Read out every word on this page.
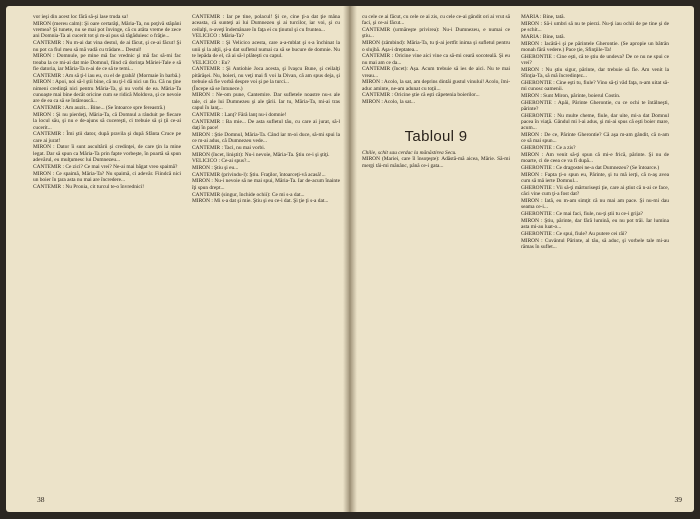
vor ieşi din acest loc fără să-şi lase truda sa!

MIRON (mereu calm): Şi oare certarăţi, Măria-Ta, nu poţivă stăpâni vremea? Şi tunete, nu se mai pot învinge, că cu atâta vreme de zece ani Domnia-Ta ai cucerit tot şi m-ai pus să tăgăduiesc o frăţie...

CANTEMIR : Nu m-ai dat vina destul, de ai făcut, şi ce-ai făcut! Şi nu pot ca fiul meu să mă vadă cu trădare... Destul!

MIRON : Domnule, pe mine mă fac vrednic şi mă fac să-mi fac treaba la ce mi-ai dat mie Domnul, fiind că dorinţa Măriei-Tale e să fie datoria, iar Măria-Ta n-ai de ce să te temi...

CANTEMIR : Am să ţi-l iau eu, cu el de grabă! (Mormaie în barbă.)

MIRON : Apoi, noi să-l ştii bine, că nu ţi-l dă nici un fiu. Că nu ţine nimeni credinţă nici pentru Măria-Ta, şi nu vorbi de ea. Măria-Ta cunoaşte mai bine decât oricine cum se ridică Moldova, şi ce nevoie are de ea ca să se întărească...

CANTEMIR : Am auzit... Bine... (Se întoarce spre fereastră.)

MIRON : Şi nu pierdeţi, Măria-Ta, că Domnul a rânduit pe fiecare la locul său, şi nu e de-ajuns să cucereşti, ci trebuie să şi ţii ce-ai cucerit...

CANTEMIR : Îmi ştii dator, după pravila şi după Sfânta Cruce pe care ai jurat!

MIRON : Dator îi sunt ascultării şi credinţei, de care ţin la mine legat. Dar să spun ca Măria-Ta prin fapte vorbeşte, în poartă să spun adevărul, eu mulţumesc lui Dumnezeu...

CANTEMIR : Ce zici? Ce mai vrei? Ne-ai mai băgat vreo spaimă?

MIRON : Ce spaimă, Măria-Ta? Nu spaimă, ci adevăr. Fiindcă nici un boier în ţara asta nu mai are încredere...

CANTEMIR : Nu Pronia, cit turcul te-o învrednici!

CANTEMIR : Iar pe tine, polacul! Şi ce, cine ţi-a dat ţie mâna aceasta, că sunteţi ai lui Dumnezeu şi ai turcilor, iar voi, şi cu ceilalţi, n-aveţi îndemânare în faţa ei cu ţinutul şi cu fruntea...

VELICICO : Măria-Ta?

CANTEMIR : Şi Velicico acesta, care a-a-mblat şi s-a închinat la unii şi la alţii, şi-a dat sufletul numai ca să se bucure de domnie. Nu te lepăda de el, că ai să-l plăteşti cu capul.

VELICICO : Eu?

CANTEMIR : Şi Antiohie Joca acesta, şi Ivaşcu Bune, şi ceilalţi pitărăşei. Nu, boieri, nu veţi mai fi voi la Divan, că am spus deja, şi trebuie să fie vorbă despre voi şi pe la turci...

(Începe să se întunece.)

MIRON : Ne-om pune, Cantemire. Dar sufletele noastre nu-s ale tale, ci ale lui Dumnezeu şi ale ţării. Iar tu, Măria-Ta, mi-ai tras capul în lanţ...

CANTEMIR : Lanţ? Fără lanţ nu-i domnie!

CANTEMIR : Ba mie... De asta sufletul tău, cu care ai jurat, să-l daţi în pace!

MIRON : Ştie Domnul, Măria-Ta. Când iar m-oi duce, să-mi spui la ce m-ai adus, că Dumnezeu vede...

CANTEMIR : Taci, nu mai vorbi.

MIRON (încet, liniştit): Nu-i nevoie, Măria-Ta. Ştiu ce-i şi ştiţi.

VELICICO : Ce-ai spus?...

MIRON : Ştiu şi eu...

CANTEMIR (privindu-l): Ştiu. Fraţilor, întoarceţi-vă acasă!...

MIRON : Nu-i nevoie să ne mai spui, Măria-Ta. Iar de-acum înainte îţi spun drept...

CANTEMIR (singur, închide ochii): Ce mi s-a dat...

MIRON : Mi s-a dat şi mie. Ştiu şi eu ce-i dat. Şi ţie ţi s-a dat...

38

cu cele ce ai făcut, cu cele ce ai zis, cu cele ce-ai gândit ori ai vrut să faci, şi ce-ai făcut...

CANTEMIR (urmăreşte privirea): Nu-i Dumnezeu, e numai ce ştiu...

MIRON (zâmbind): Măria-Ta, tu ţi-ai jertfit inima şi sufletul pentru o slujbă. Aşa-i dreptatea...

CANTEMIR : Oricine vine aici vine ca să-mi ceară socoteală. Şi eu nu mai am ce da...

CANTEMIR (încet): Aşa. Acum trebuie să ies de aici. Nu te mai vreau...

MIRON : Acolo, la sat, am deprins dintâi gustul vinului! Acolo, îmi-aduc aminte, ne-am adunat cu toţii...

CANTEMIR : Oricine ştie că eşti căpetenia boierilor...

MIRON : Acolo, la sat...

Tabloul 9

Chilie, schit sau cerdac la mănăstirea Secu.

MIRON (Mariei, care îl însoţeşte): Adăstă-mă aicea, Mărie. Să-mi mergi tăi-mi mănânc, până ce-i gata...

MARIA : Bine, tată.

MIRON : Să-i umbri să nu te pierzi. Nu-ţi iau ochii de pe tine şi de pe schit...

MARIA : Bine, tată.

MIRON : Iacătă-i şi pe părintele Gherontie. (Se apropie un bătrân monah fără vedere.) Pace ţie, Sfinţiile-Ta!

GHERONTIE : Cine eşti, că te ştiu de undeva? De ce nu ne spui ce vrei?

MIRON : Nu ştiu sigur, părinte, dar trebuie să fie. Am venit la Sfinţia-Ta, să mă încredinţez...

GHERONTIE : Cine eşti tu, fiule? Vino să-ţi văd faţa, n-am uitat să-mi cunosc oamenii.

MIRON : Sunt Miron, părinte, boierul Costin.

GHERONTIE : Apăi, Părinte Gherontie, cu ce ochi te întâlneşti, părinte?

GHERONTIE : Nu multe cheme, fiule, dar uite, mi-a dat Domnul pacea în viaţă. Gândul mi l-ai adus, şi mi-ai spus că eşti boier mare, acum...

MIRON : De ce, Părinte Gherontie? Că aşa m-am gândit, că n-am ce să mai spun...

GHERONTIE : Ce a zis?

MIRON : Am venit să-ţi spun că mi-e frică, părinte. Şi nu de moarte, ci de ceea ce va fi după...

GHERONTIE : Ce dragostei ne-a dat Dumnezeu? (Se întoarce.)

MIRON : Fapta ţi-o spun eu, Părinte, şi tu mă ierţi, că n-aş avea cum să mă ierte Domnul...

GHERONTIE : Vii să-ţi mărturiseşti ţie, care ai ştiut că n-ai ce face, căci vine cum ţi-a fost dat?

MIRON : Iată, eu m-am simţit că nu mai am pace. Şi nu-mi dau seama ce-i...

GHERONTIE : Ce mai faci, fiule, nu-ţi ştii tu ce-i grija?

MIRON : Ştiu, părinte, dar fără lumină, eu nu pot trăi. Iar lumina asta mi-au luat-o...

GHERONTIE : Ce spui, fiule? Au putere cei răi?

MIRON : Cuvântul Părinte, al tău, să aduc, şi vorbele tale mi-au rămas în suflet...

39
